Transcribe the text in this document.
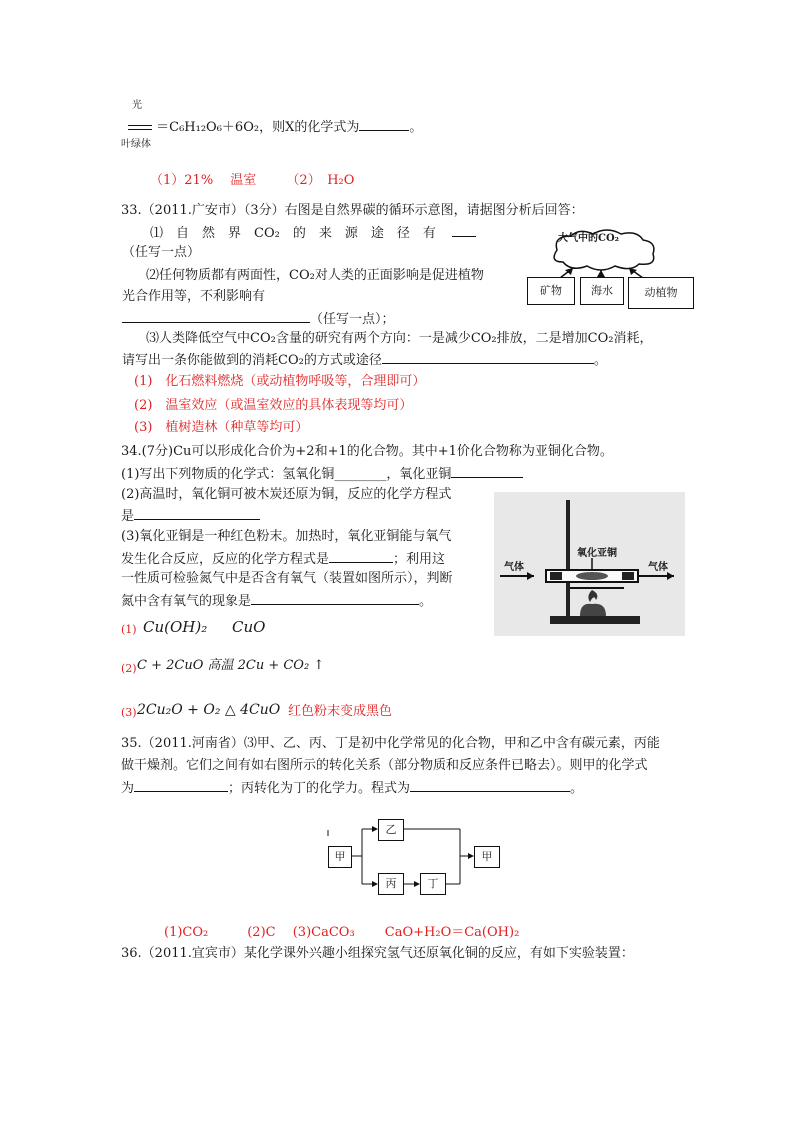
光
＝C₆H₁₂O₆＋6O₂，则X的化学式为	。
叶绿体
（1）21%　 温室　　 （2）　H₂O
33.（2011.广安市）（3分）右图是自然界碳的循环示意图，请据图分析后回答：
⑴　自　然　界　CO₂　的　来　源　途　径　有
（任写一点）
⑵任何物质都有两面性，CO₂对人类的正面影响是促进植物
光合作用等，不利影响有
（任写一点）；
⑶人类降低空气中CO₂含量的研究有两个方向：一是减少CO₂排放，二是增加CO₂消耗，
请写出一条你能做到的消耗CO₂的方式或途径	。
(1)　化石燃料燃烧（或动植物呼吸等，合理即可）
(2)　温室效应（或温室效应的具体表现等均可）
(3)　植树造林（种草等均可）
大气中的CO₂
矿物	海水	动植物
34.(7分)Cu可以形成化合价为+2和+1的化合物。其中+1价化合物称为亚铜化合物。
(1)写出下列物质的化学式：氢氧化铜________，氧化亚铜
(2)高温时，氧化铜可被木炭还原为铜，反应的化学方程式
是
(3)氧化亚铜是一种红色粉末。加热时，氧化亚铜能与氧气
发生化合反应，反应的化学方程式是	；利用这
一性质可检验氮气中是否含有氧气（装置如图所示），判断
氮中含有氧气的现象是	。
(1) Cu(OH)₂ CuO
(2) C + 2CuO 高温 2Cu + CO₂ ↑
(3) 2Cu₂O + O₂ △ 4CuO 红色粉末变成黑色
氧化亚铜
气体	气体
35.（2011.河南省）⑶甲、乙、丙、丁是初中化学常见的化合物，甲和乙中含有碳元素，丙能
做干燥剂。它们之间有如右图所示的转化关系（部分物质和反应条件已略去）。则甲的化学式
为	；丙转化为丁的化学力。程式为	。
甲
乙
丙	丁
甲
(1)CO₂　　　(2)C　 (3)CaCO₃　　 CaO+H₂O＝Ca(OH)₂
36.（2011.宜宾市）某化学课外兴趣小组探究氢气还原氧化铜的反应，有如下实验装置：
